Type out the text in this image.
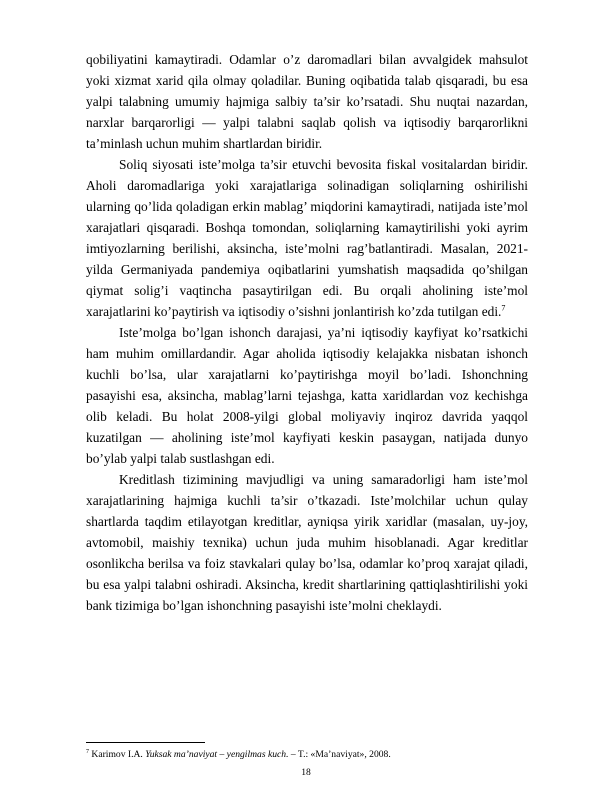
qobiliyatini kamaytiradi. Odamlar o’z daromadlari bilan avvalgidek mahsulot yoki xizmat xarid qila olmay qoladilar. Buning oqibatida talab qisqaradi, bu esa yalpi talabning umumiy hajmiga salbiy ta’sir ko’rsatadi. Shu nuqtai nazardan, narxlar barqarorligi — yalpi talabni saqlab qolish va iqtisodiy barqarorlikni ta’minlash uchun muhim shartlardan biridir.

Soliq siyosati iste’molga ta’sir etuvchi bevosita fiskal vositalardan biridir. Aholi daromadlariga yoki xarajatlariga solinadigan soliqlarning oshirilishi ularning qo’lida qoladigan erkin mablag’ miqdorini kamaytiradi, natijada iste’mol xarajatlari qisqaradi. Boshqa tomondan, soliqlarning kamaytirilishi yoki ayrim imtiyozlarning berilishi, aksincha, iste’molni rag’batlantiradi. Masalan, 2021-yilda Germaniyada pandemiya oqibatlarini yumshatish maqsadida qo’shilgan qiymat solig’i vaqtincha pasaytirilgan edi. Bu orqali aholining iste’mol xarajatlarini ko’paytirish va iqtisodiy o’sishni jonlantirish ko’zda tutilgan edi.$^7$

Iste’molga bo’lgan ishonch darajasi, ya’ni iqtisodiy kayfiyat ko’rsatkichi ham muhim omillardandir. Agar aholida iqtisodiy kelajakka nisbatan ishonch kuchli bo’lsa, ular xarajatlarni ko’paytirishga moyil bo’ladi. Ishonchning pasayishi esa, aksincha, mablag’larni tejashga, katta xaridlardan voz kechishga olib keladi. Bu holat 2008-yilgi global moliyaviy inqiroz davrida yaqqol kuzatilgan — aholining iste’mol kayfiyati keskin pasaygan, natijada dunyo bo’ylab yalpi talab sustlashgan edi.

Kreditlash tizimining mavjudligi va uning samaradorligi ham iste’mol xarajatlarining hajmiga kuchli ta’sir o’tkazadi. Iste’molchilar uchun qulay shartlarda taqdim etilayotgan kreditlar, ayniqsa yirik xaridlar (masalan, uy-joy, avtomobil, maishiy texnika) uchun juda muhim hisoblanadi. Agar kreditlar osonlikcha berilsa va foiz stavkalari qulay bo’lsa, odamlar ko’proq xarajat qiladi, bu esa yalpi talabni oshiradi. Aksincha, kredit shartlarining qattiqlashtirilishi yoki bank tizimiga bo’lgan ishonchning pasayishi iste’molni cheklaydi.

$^7$ Karimov I.A. Yuksak ma’naviyat – yengilmas kuch. – T.: «Ma’naviyat», 2008.
18
